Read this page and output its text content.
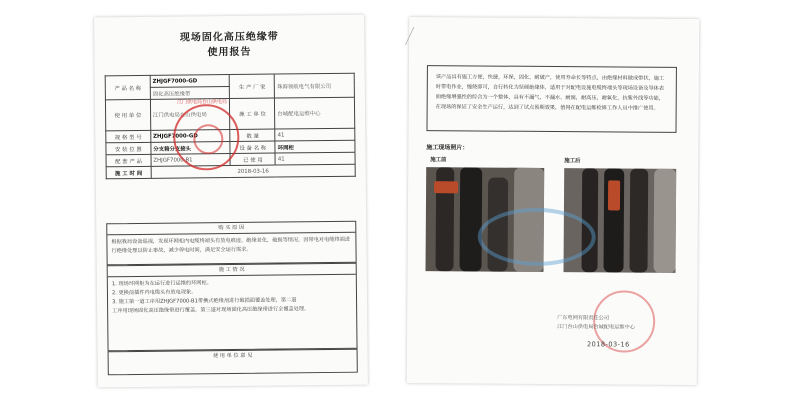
现场固化高压绝缘带
使用报告
产 品 名 称	ZHJGF7000-GD	生 产 厂 家	珠海领航电气有限公司
	固化高压绝缘带		
使 用 单 位	江门供电局台山供电局	施 工 单 位	台城配电运维中心
规 格 型 号	ZHJGF7000-GD	数 量	41
安 装 位 置	分支箱分支接头	设 备 名 称	环网柜
配 套 产 品	ZHJGF7000-B1	已 使 用	41
施 工 时 间	2018-03-16		
购 买 原 因
根据我局设备巡视，发现环网柜内电缆终端头有放电痕迹，绝缘老化，破损等情况，因带电对电缆终端进行绝缘处理以防止事故，减少停电时间，满足安全运行需求。
施 工 情 况
1. 现场环网柜为在运行进行运维的环网柜。
2. 更换前插件内电缆头有放电现象。
3. 施工第一道工序用ZHJGF7000-B1带携式绝缘剂进行破损面覆盖处理，第二道
工序用现场固化高压绝缘带进行覆盖，第三道对现场固化高压绝缘带进行全覆盖处理。
使 用 单 位 意 见
江门供电局台山供电局
该产品具有施工方便，快捷，环保，固化，耐破产，使用寿命长等特点，由绝缘材料做成带状，施工时带电作业，缠绕即可，自行转化为坚硬绝缘体，适用于对配电设施电缆终端头等现场设备及导体表面绝缘增强性的综合为一个整体，具有不漏气，不漏水，耐腐，耐高压，耐氧化，抗紫外线等功能，在现场的保证了安全生产运行，达到了试点预期效果，值得在配电运维检修工作人员中推广使用。
施工现场照片：
施工前	施工后
广东电网有限责任公司
江门台山供电局台城配电运维中心
2018-03-16
